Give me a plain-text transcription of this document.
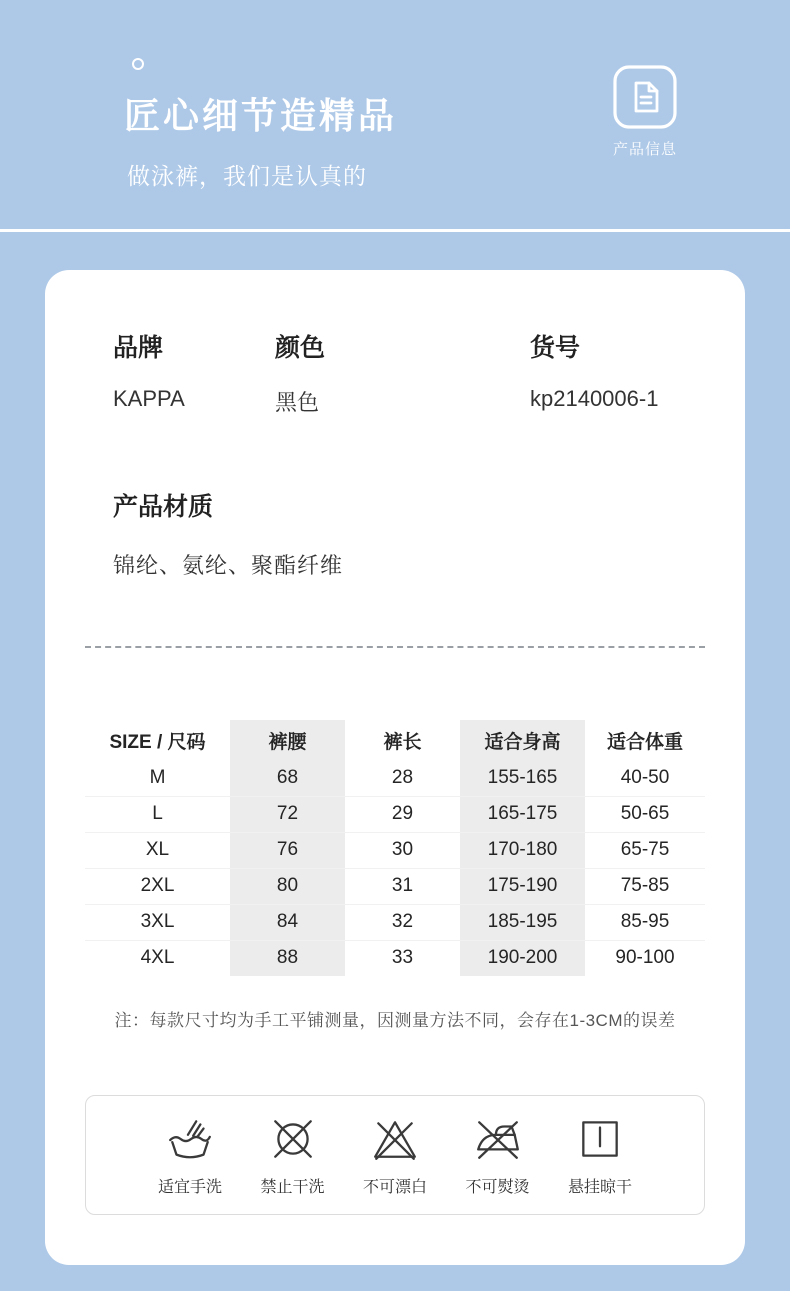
匠心细节造精品

做泳裤，我们是认真的

产品信息
品牌

KAPPA

颜色

黑色

货号

kp2140006-1

产品材质

锦纶、氨纶、聚酯纤维

SIZE / 尺码	裤腰	裤长	适合身高	适合体重
M	68	28	155-165	40-50
L	72	29	165-175	50-65
XL	76	30	170-180	65-75
2XL	80	31	175-190	75-85
3XL	84	32	185-195	85-95
4XL	88	33	190-200	90-100

注：每款尺寸均为手工平铺测量，因测量方法不同，会存在1-3CM的误差

适宜手洗	禁止干洗	不可漂白	不可熨烫	悬挂晾干
